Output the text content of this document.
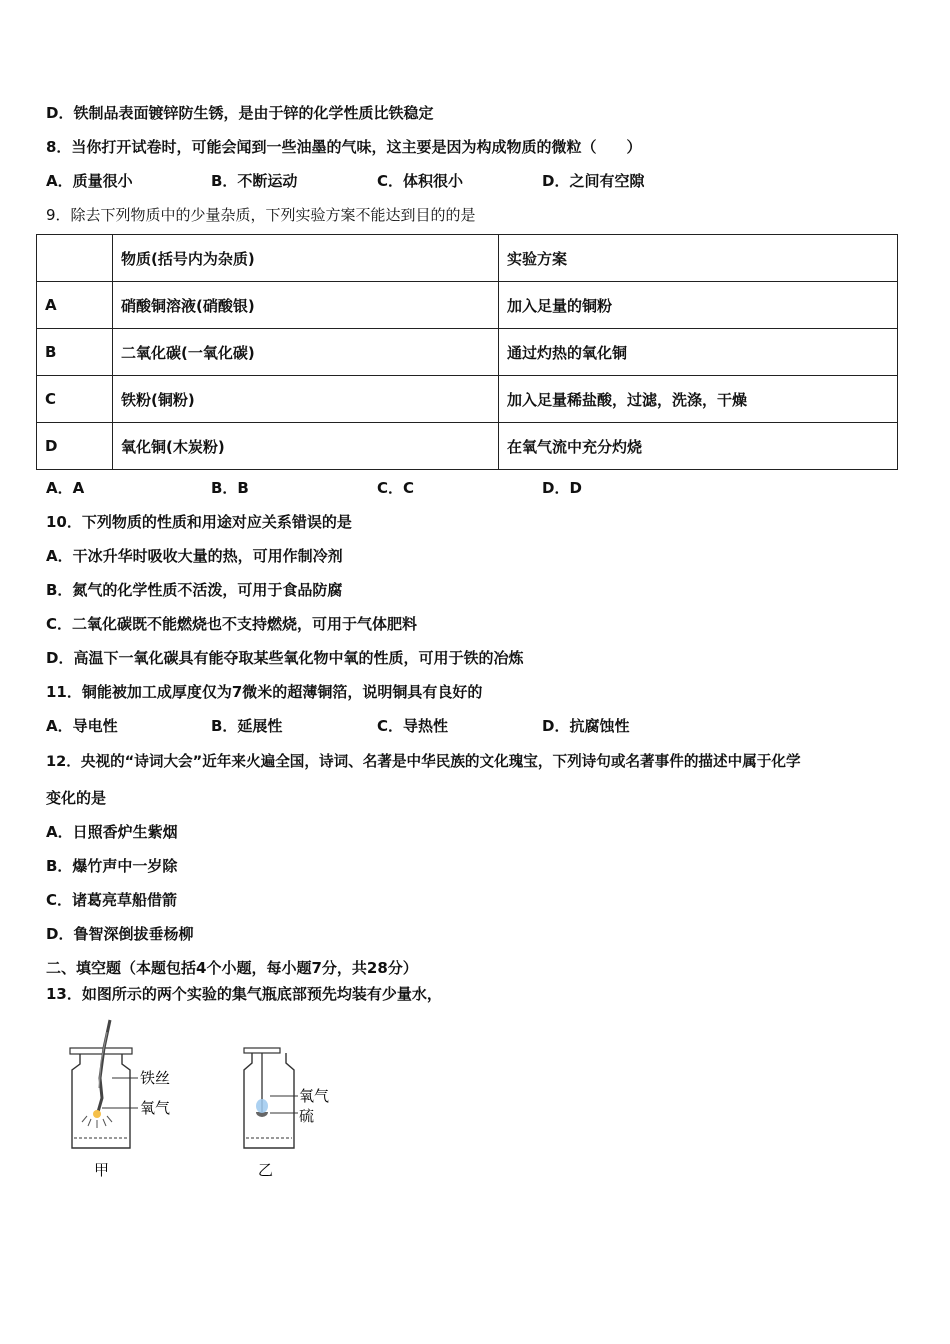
D．铁制品表面镀锌防生锈，是由于锌的化学性质比铁稳定
8．当你打开试卷时，可能会闻到一些油墨的气味，这主要是因为构成物质的微粒（　　）
A．质量很小	B．不断运动	C．体积很小	D．之间有空隙
9．除去下列物质中的少量杂质，下列实验方案不能达到目的的是
	物质(括号内为杂质)	实验方案
A	硝酸铜溶液(硝酸银)	加入足量的铜粉
B	二氧化碳(一氧化碳)	通过灼热的氧化铜
C	铁粉(铜粉)	加入足量稀盐酸，过滤，洗涤，干燥
D	氧化铜(木炭粉)	在氧气流中充分灼烧
A．A	B．B	C．C	D．D
10．下列物质的性质和用途对应关系错误的是
A．干冰升华时吸收大量的热，可用作制冷剂
B．氮气的化学性质不活泼，可用于食品防腐
C．二氧化碳既不能燃烧也不支持燃烧，可用于气体肥料
D．高温下一氧化碳具有能夺取某些氧化物中氧的性质，可用于铁的冶炼
11．铜能被加工成厚度仅为7微米的超薄铜箔，说明铜具有良好的
A．导电性	B．延展性	C．导热性	D．抗腐蚀性
12．央视的“诗词大会”近年来火遍全国，诗词、名著是中华民族的文化瑰宝，下列诗句或名著事件的描述中属于化学
变化的是
A．日照香炉生紫烟
B．爆竹声中一岁除
C．诸葛亮草船借箭
D．鲁智深倒拔垂杨柳
二、填空题（本题包括4个小题，每小题7分，共28分）
13．如图所示的两个实验的集气瓶底部预先均装有少量水，
铁丝
氧气
甲
氧气
硫
乙
